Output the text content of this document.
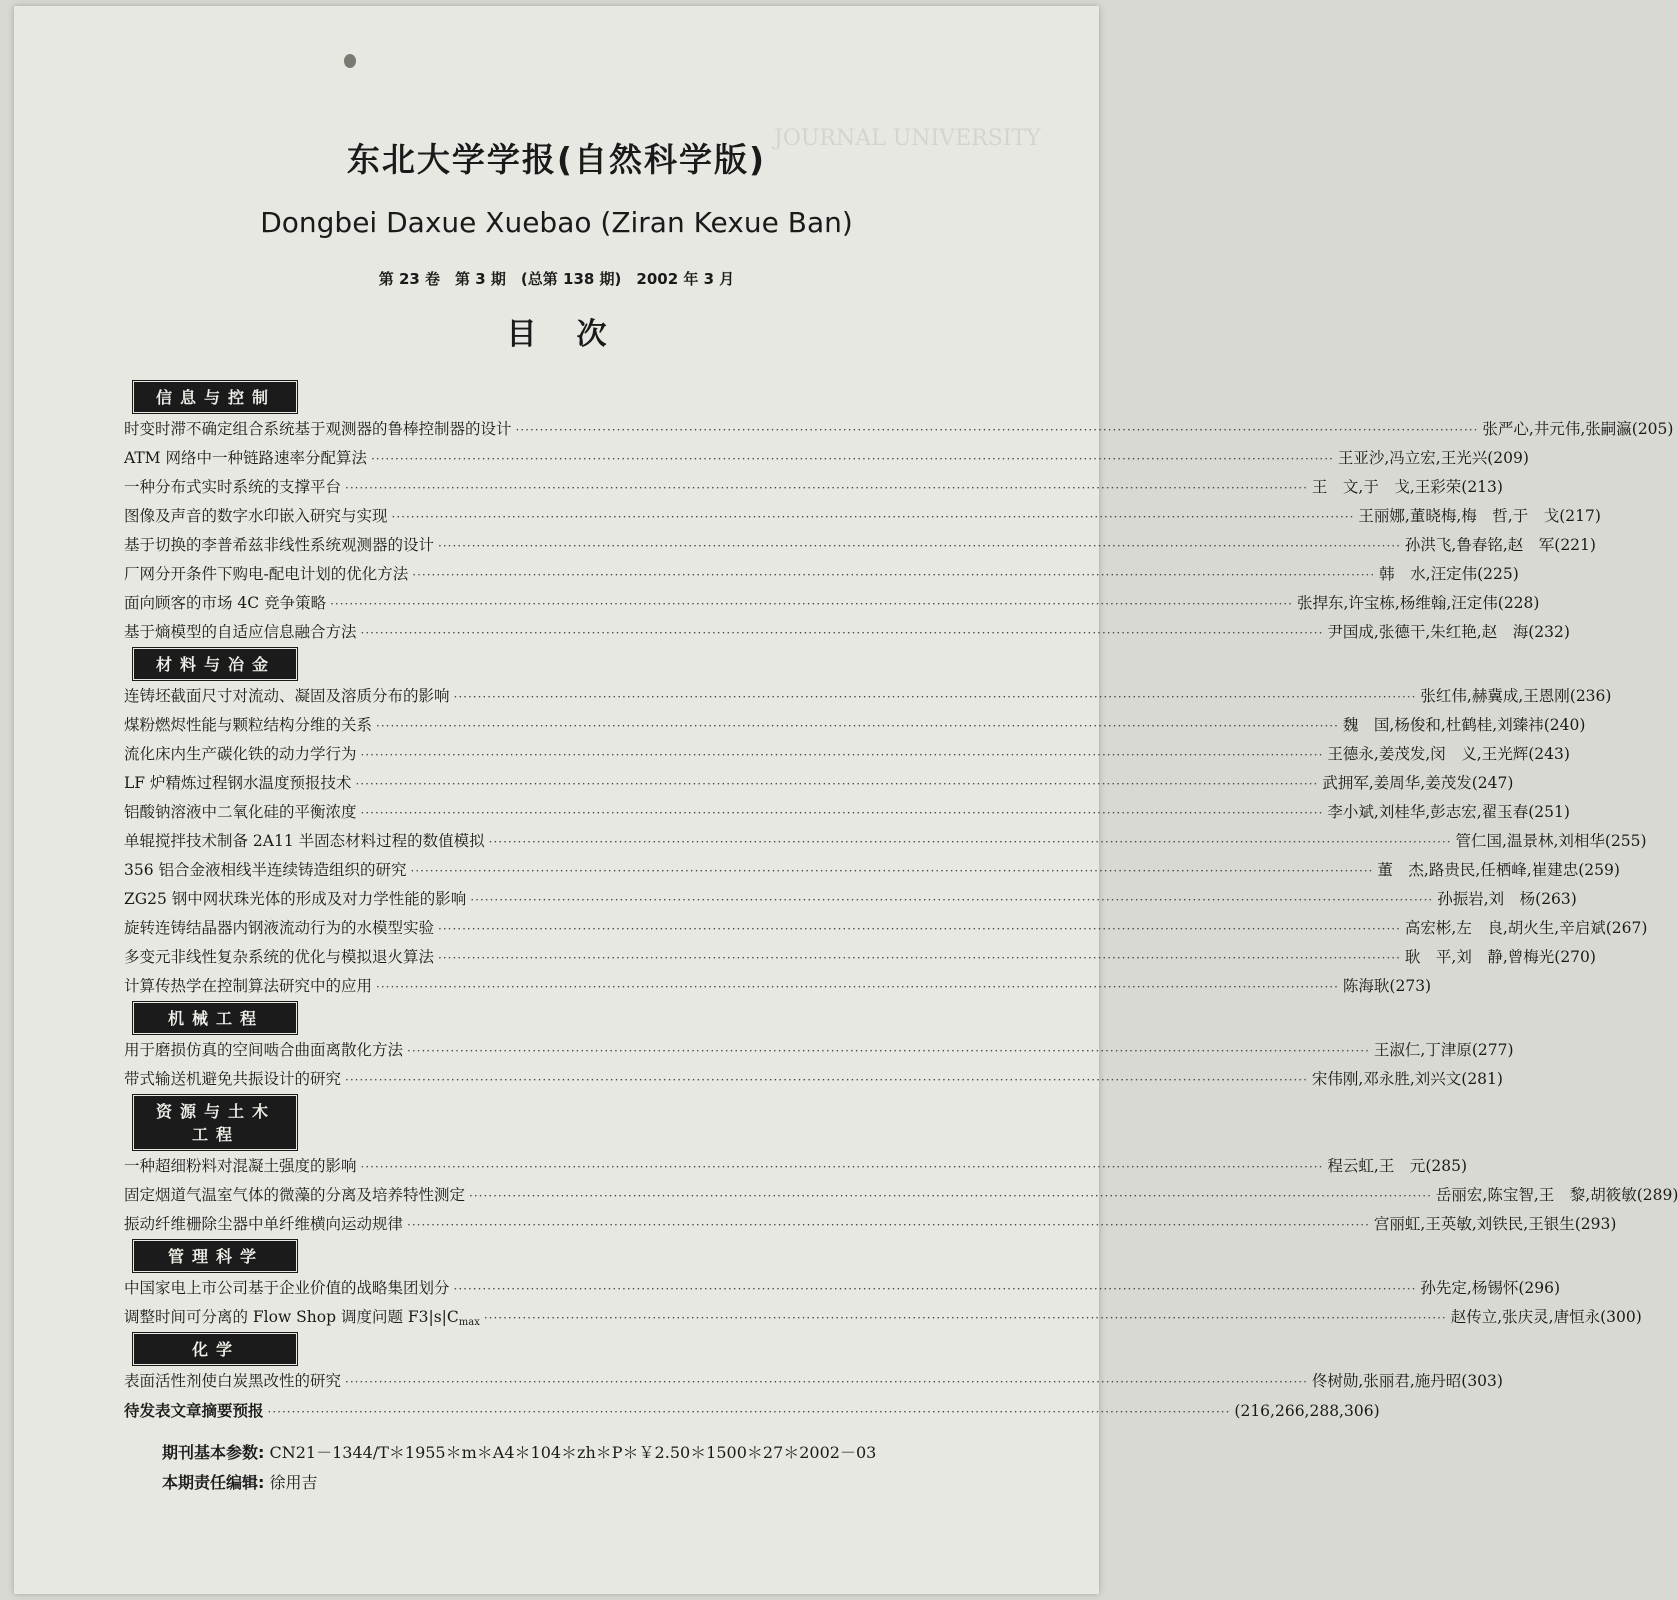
JOURNAL UNIVERSITY
东北大学学报(自然科学版)
Dongbei Daxue Xuebao (Ziran Kexue Ban)
第 23 卷　第 3 期　(总第 138 期)　2002 年 3 月
目次
信息与控制
时变时滞不确定组合系统基于观测器的鲁棒控制器的设计 ········································································································································································································ 张严心,井元伟,张嗣瀛 (205)
ATM 网络中一种链路速率分配算法 ········································································································································································································ 王亚沙,冯立宏,王光兴 (209)
一种分布式实时系统的支撑平台 ········································································································································································································ 王　文,于　戈,王彩荣 (213)
图像及声音的数字水印嵌入研究与实现 ········································································································································································································ 王丽娜,董晓梅,梅　哲,于　戈 (217)
基于切换的李普希兹非线性系统观测器的设计 ········································································································································································································ 孙洪飞,鲁春铭,赵　军 (221)
厂网分开条件下购电-配电计划的优化方法 ········································································································································································································ 韩　水,汪定伟 (225)
面向顾客的市场 4C 竞争策略 ········································································································································································································ 张捍东,许宝栋,杨维翰,汪定伟 (228)
基于熵模型的自适应信息融合方法 ········································································································································································································ 尹国成,张德干,朱红艳,赵　海 (232)
材料与冶金
连铸坯截面尺寸对流动、凝固及溶质分布的影响 ········································································································································································································ 张红伟,赫冀成,王恩刚 (236)
煤粉燃烬性能与颗粒结构分维的关系 ········································································································································································································ 魏　国,杨俊和,杜鹤桂,刘臻祎 (240)
流化床内生产碳化铁的动力学行为 ········································································································································································································ 王德永,姜茂发,闵　义,王光辉 (243)
LF 炉精炼过程钢水温度预报技术 ········································································································································································································ 武拥军,姜周华,姜茂发 (247)
铝酸钠溶液中二氧化硅的平衡浓度 ········································································································································································································ 李小斌,刘桂华,彭志宏,翟玉春 (251)
单辊搅拌技术制备 2A11 半固态材料过程的数值模拟 ········································································································································································································ 管仁国,温景林,刘相华 (255)
356 铝合金液相线半连续铸造组织的研究 ········································································································································································································ 董　杰,路贵民,任栖峰,崔建忠 (259)
ZG25 钢中网状珠光体的形成及对力学性能的影响 ········································································································································································································ 孙振岩,刘　杨 (263)
旋转连铸结晶器内钢液流动行为的水模型实验 ········································································································································································································ 高宏彬,左　良,胡火生,辛启斌 (267)
多变元非线性复杂系统的优化与模拟退火算法 ········································································································································································································ 耿　平,刘　静,曾梅光 (270)
计算传热学在控制算法研究中的应用 ········································································································································································································ 陈海耿 (273)
机械工程
用于磨损仿真的空间啮合曲面离散化方法 ········································································································································································································ 王淑仁,丁津原 (277)
带式输送机避免共振设计的研究 ········································································································································································································ 宋伟刚,邓永胜,刘兴文 (281)
资源与土木工程
一种超细粉料对混凝土强度的影响 ········································································································································································································ 程云虹,王　元 (285)
固定烟道气温室气体的微藻的分离及培养特性测定 ········································································································································································································ 岳丽宏,陈宝智,王　黎,胡筱敏 (289)
振动纤维栅除尘器中单纤维横向运动规律 ········································································································································································································ 宫丽虹,王英敏,刘铁民,王银生 (293)
管理科学
中国家电上市公司基于企业价值的战略集团划分 ········································································································································································································ 孙先定,杨锡怀 (296)
调整时间可分离的 Flow Shop 调度问题 $F3|s|C_{max}$ ········································································································································································································ 赵传立,张庆灵,唐恒永 (300)
化学
表面活性剂使白炭黑改性的研究 ········································································································································································································ 佟树勋,张丽君,施丹昭 (303)
待发表文章摘要预报 ········································································································································································································ (216,266,288,306)
期刊基本参数: CN21－1344/T＊1955＊m＊A4＊104＊zh＊P＊￥2.50＊1500＊27＊2002－03
本期责任编辑: 徐用吉
